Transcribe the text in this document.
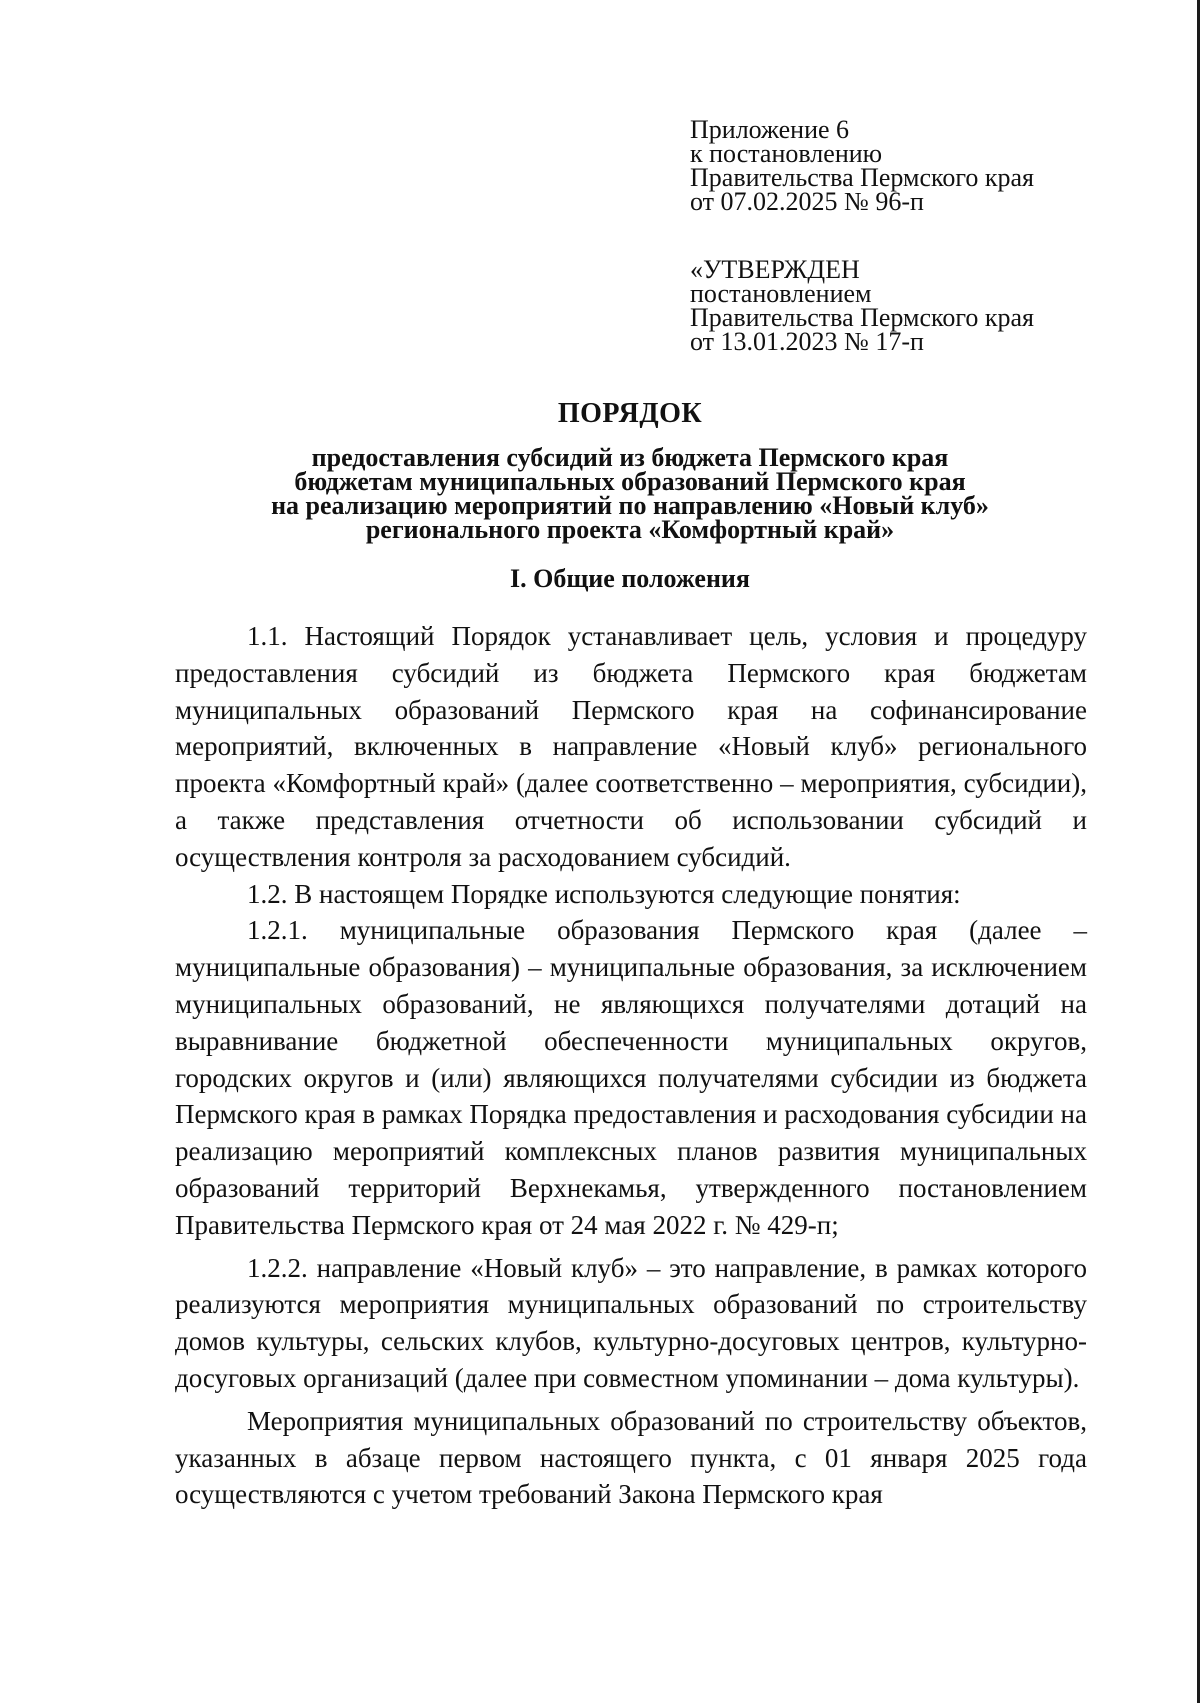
Приложение 6
к постановлению
Правительства Пермского края
от 07.02.2025 № 96-п
«УТВЕРЖДЕН
постановлением
Правительства Пермского края
от 13.01.2023 № 17-п
ПОРЯДОК
предоставления субсидий из бюджета Пермского края
бюджетам муниципальных образований Пермского края
на реализацию мероприятий по направлению «Новый клуб»
регионального проекта «Комфортный край»
I. Общие положения

1.1. Настоящий Порядок устанавливает цель, условия и процедуру предоставления субсидий из бюджета Пермского края бюджетам муниципальных образований Пермского края на софинансирование мероприятий, включенных в направление «Новый клуб» регионального проекта «Комфортный край» (далее соответственно – мероприятия, субсидии), а также представления отчетности об использовании субсидий и осуществления контроля за расходованием субсидий.

1.2. В настоящем Порядке используются следующие понятия:

1.2.1. муниципальные образования Пермского края (далее – муниципальные образования) – муниципальные образования, за исключением муниципальных образований, не являющихся получателями дотаций на выравнивание бюджетной обеспеченности муниципальных округов, городских округов и (или) являющихся получателями субсидии из бюджета Пермского края в рамках Порядка предоставления и расходования субсидии на реализацию мероприятий комплексных планов развития муниципальных образований территорий Верхнекамья, утвержденного постановлением Правительства Пермского края от 24 мая 2022 г. № 429-п;

1.2.2. направление «Новый клуб» – это направление, в рамках которого реализуются мероприятия муниципальных образований по строительству домов культуры, сельских клубов, культурно-досуговых центров, культурно-досуговых организаций (далее при совместном упоминании – дома культуры).

Мероприятия муниципальных образований по строительству объектов, указанных в абзаце первом настоящего пункта, с 01 января 2025 года осуществляются с учетом требований Закона Пермского края
